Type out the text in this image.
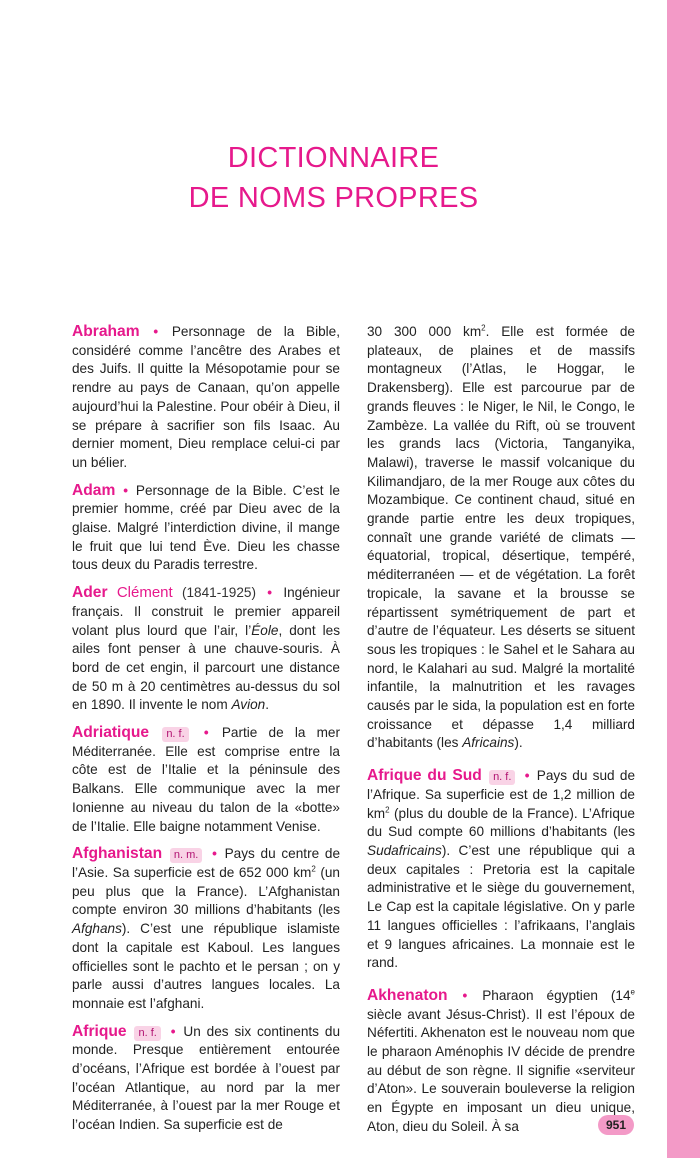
DICTIONNAIRE
DE NOMS PROPRES
Abraham • Personnage de la Bible, considéré comme l’ancêtre des Arabes et des Juifs. Il quitte la Mésopotamie pour se rendre au pays de Canaan, qu’on appelle aujourd’hui la Palestine. Pour obéir à Dieu, il se prépare à sacrifier son fils Isaac. Au dernier moment, Dieu remplace celui-ci par un bélier.
Adam • Personnage de la Bible. C’est le premier homme, créé par Dieu avec de la glaise. Malgré l’interdiction divine, il mange le fruit que lui tend Ève. Dieu les chasse tous deux du Paradis terrestre.
Ader Clément (1841-1925) • Ingénieur français. Il construit le premier appareil volant plus lourd que l’air, l’Éole, dont les ailes font penser à une chauve-souris. À bord de cet engin, il parcourt une distance de 50 m à 20 centimètres au-dessus du sol en 1890. Il invente le nom Avion.
Adriatique n. f. • Partie de la mer Méditerranée. Elle est comprise entre la côte est de l’Italie et la péninsule des Balkans. Elle communique avec la mer Ionienne au niveau du talon de la «botte» de l’Italie. Elle baigne notamment Venise.
Afghanistan n. m. • Pays du centre de l’Asie. Sa superficie est de 652 000 $km^2$ (un peu plus que la France). L’Afghanistan compte environ 30 millions d’habitants (les Afghans). C’est une république islamiste dont la capitale est Kaboul. Les langues officielles sont le pachto et le persan ; on y parle aussi d’autres langues locales. La monnaie est l’afghani.
Afrique n. f. • Un des six continents du monde. Presque entièrement entourée d’océans, l’Afrique est bordée à l’ouest par l’océan Atlantique, au nord par la mer Méditerranée, à l’ouest par la mer Rouge et l’océan Indien. Sa superficie est de
30 300 000 $km^2$. Elle est formée de plateaux, de plaines et de massifs montagneux (l’Atlas, le Hoggar, le Drakensberg). Elle est parcourue par de grands fleuves : le Niger, le Nil, le Congo, le Zambèze. La vallée du Rift, où se trouvent les grands lacs (Victoria, Tanganyika, Malawi), traverse le massif volcanique du Kilimandjaro, de la mer Rouge aux côtes du Mozambique. Ce continent chaud, situé en grande partie entre les deux tropiques, connaît une grande variété de climats — équatorial, tropical, désertique, tempéré, méditerranéen — et de végétation. La forêt tropicale, la savane et la brousse se répartissent symétriquement de part et d’autre de l’équateur. Les déserts se situent sous les tropiques : le Sahel et le Sahara au nord, le Kalahari au sud. Malgré la mortalité infantile, la malnutrition et les ravages causés par le sida, la population est en forte croissance et dépasse 1,4 milliard d’habitants (les Africains).
Afrique du Sud n. f. • Pays du sud de l’Afrique. Sa superficie est de 1,2 million de $km^2$ (plus du double de la France). L’Afrique du Sud compte 60 millions d’habitants (les Sudafricains). C’est une république qui a deux capitales : Pretoria est la capitale administrative et le siège du gouvernement, Le Cap est la capitale législative. On y parle 11 langues officielles : l’afrikaans, l’anglais et 9 langues africaines. La monnaie est le rand.
Akhenaton • Pharaon égyptien (14e siècle avant Jésus-Christ). Il est l’époux de Néfertiti. Akhenaton est le nouveau nom que le pharaon Aménophis IV décide de prendre au début de son règne. Il signifie «serviteur d’Aton». Le souverain bouleverse la religion en Égypte en imposant un dieu unique, Aton, dieu du Soleil. À sa	951
